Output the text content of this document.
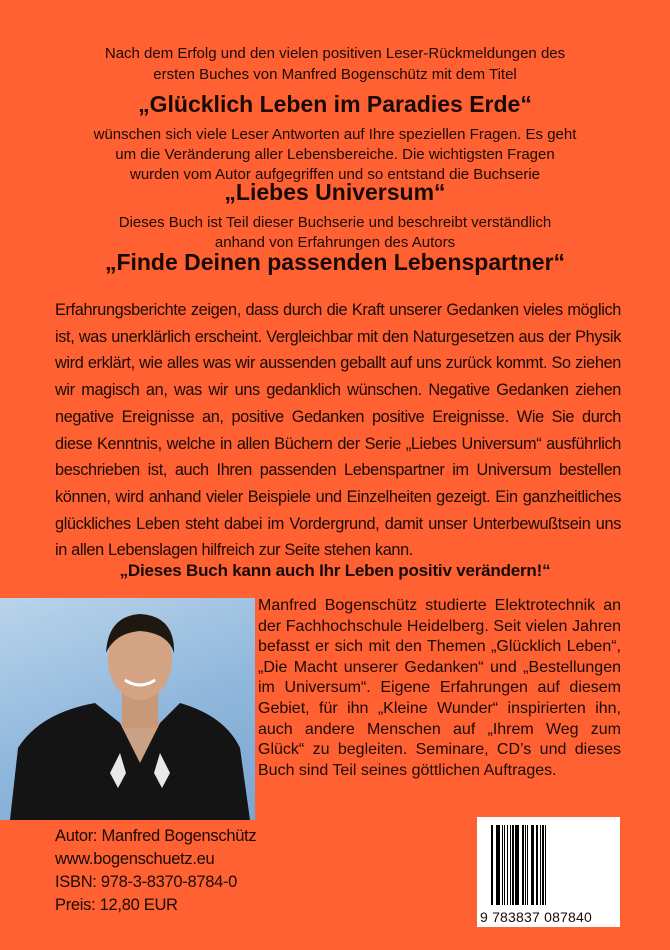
Nach dem Erfolg und den vielen positiven Leser-Rückmeldungen des
ersten Buches von Manfred Bogenschütz mit dem Titel
„Glücklich Leben im Paradies Erde“
wünschen sich viele Leser Antworten auf Ihre speziellen Fragen. Es geht
um die Veränderung aller Lebensbereiche. Die wichtigsten Fragen
wurden vom Autor aufgegriffen und so entstand die Buchserie
„Liebes Universum“
Dieses Buch ist Teil dieser Buchserie und beschreibt verständlich
anhand von Erfahrungen des Autors
„Finde Deinen passenden Lebenspartner“
Erfahrungsberichte zeigen, dass durch die Kraft unserer Gedanken vieles möglich ist, was unerklärlich erscheint. Vergleichbar mit den Naturgesetzen aus der Physik wird erklärt, wie alles was wir aussenden geballt auf uns zurück kommt. So ziehen wir magisch an, was wir uns gedanklich wünschen. Negative Gedanken ziehen negative Ereignisse an, positive Gedanken positive Ereignisse. Wie Sie durch diese Kenntnis, welche in allen Büchern der Serie „Liebes Universum“ ausführlich beschrieben ist, auch Ihren passenden Lebenspartner im Universum bestellen können, wird anhand vieler Beispiele und Einzelheiten gezeigt. Ein ganzheitliches glückliches Leben steht dabei im Vordergrund, damit unser Unterbewußtsein uns in allen Lebenslagen hilfreich zur Seite stehen kann.
„Dieses Buch kann auch Ihr Leben positiv verändern!“
Manfred Bogenschütz studierte Elektrotechnik an der Fachhochschule Heidelberg. Seit vielen Jahren befasst er sich mit den Themen „Glücklich Leben“, „Die Macht unserer Gedanken“ und „Bestellungen im Universum“. Eigene Erfahrungen auf diesem Gebiet, für ihn „Kleine Wunder“ inspirierten ihn, auch andere Menschen auf „Ihrem Weg zum Glück“ zu begleiten. Seminare, CD’s und dieses Buch sind Teil seines göttlichen Auftrages.
Autor: Manfred Bogenschütz
www.bogenschuetz.eu
ISBN: 978-3-8370-8784-0
Preis: 12,80 EUR
9 783837 087840
